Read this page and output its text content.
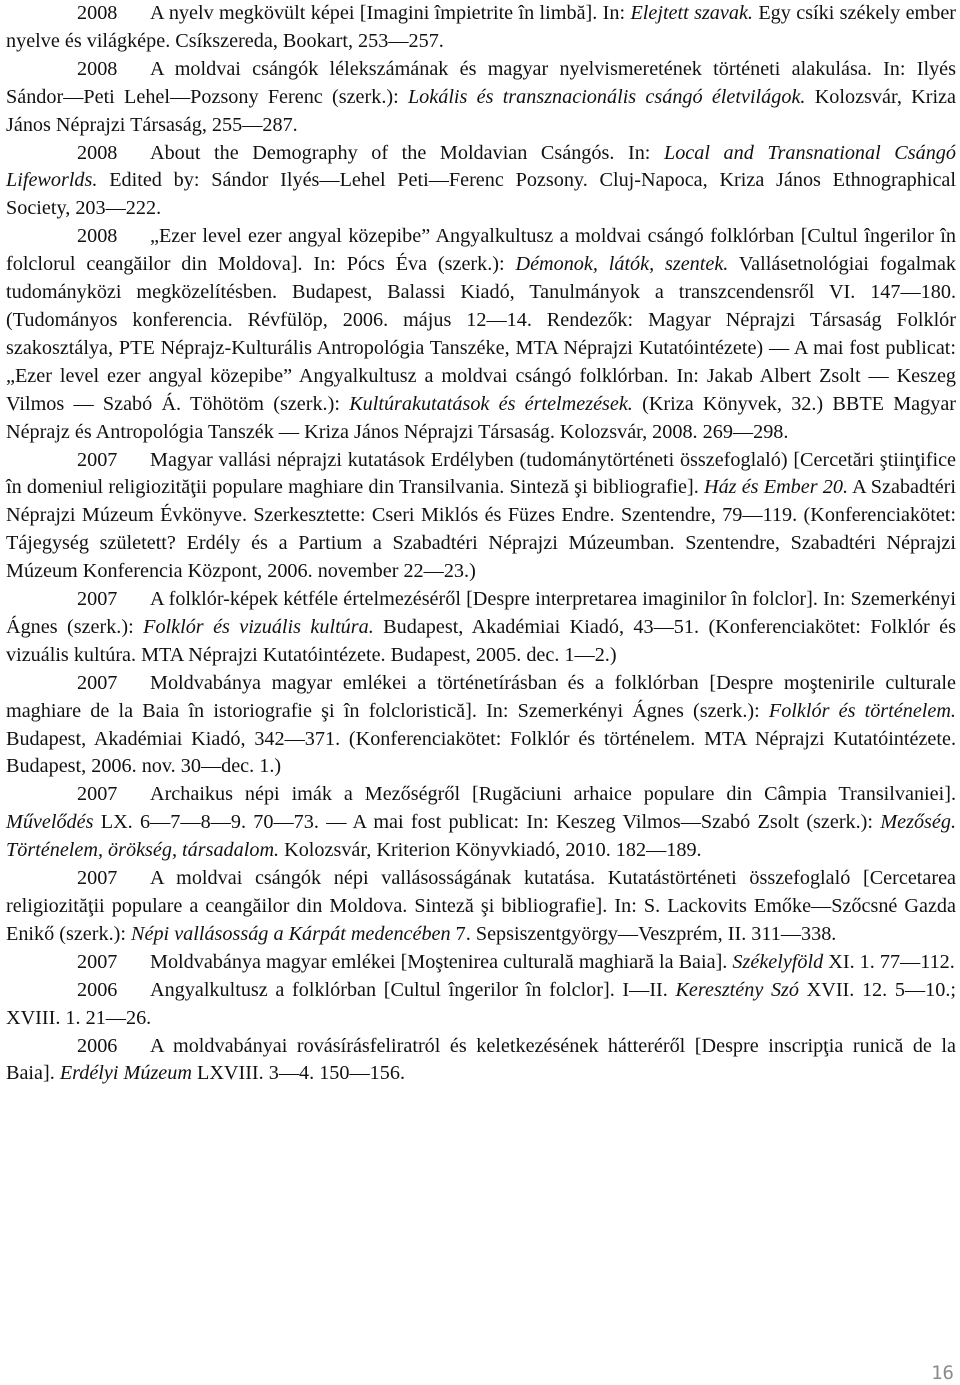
2008 A nyelv megkövült képei [Imagini împietrite în limbă]. In: Elejtett szavak. Egy csíki székely ember nyelve és világképe. Csíkszereda, Bookart, 253―257.

2008 A moldvai csángók lélekszámának és magyar nyelvismeretének történeti alakulása. In: Ilyés Sándor―Peti Lehel―Pozsony Ferenc (szerk.): Lokális és transznacionális csángó életvilágok. Kolozsvár, Kriza János Néprajzi Társaság, 255―287.

2008 About the Demography of the Moldavian Csángós. In: Local and Transnational Csángó Lifeworlds. Edited by: Sándor Ilyés―Lehel Peti―Ferenc Pozsony. Cluj-Napoca, Kriza János Ethnographical Society, 203―222.

2008 „Ezer level ezer angyal közepibe” Angyalkultusz a moldvai csángó folklórban [Cultul îngerilor în folclorul ceangăilor din Moldova]. In: Pócs Éva (szerk.): Démonok, látók, szentek. Vallásetnológiai fogalmak tudományközi megközelítésben. Budapest, Balassi Kiadó, Tanulmányok a transzcendensről VI. 147―180. (Tudományos konferencia. Révfülöp, 2006. május 12―14. Rendezők: Magyar Néprajzi Társaság Folklór szakosztálya, PTE Néprajz-Kulturális Antropológia Tanszéke, MTA Néprajzi Kutatóintézete) ― A mai fost publicat: „Ezer level ezer angyal közepibe” Angyalkultusz a moldvai csángó folklórban. In: Jakab Albert Zsolt ― Keszeg Vilmos ― Szabó Á. Töhötöm (szerk.): Kultúrakutatások és értelmezések. (Kriza Könyvek, 32.) BBTE Magyar Néprajz és Antropológia Tanszék ― Kriza János Néprajzi Társaság. Kolozsvár, 2008. 269―298.

2007 Magyar vallási néprajzi kutatások Erdélyben (tudománytörténeti összefoglaló) [Cercetări ştiinţifice în domeniul religiozităţii populare maghiare din Transilvania. Sinteză şi bibliografie]. Ház és Ember 20. A Szabadtéri Néprajzi Múzeum Évkönyve. Szerkesztette: Cseri Miklós és Füzes Endre. Szentendre, 79―119. (Konferenciakötet: Tájegység született? Erdély és a Partium a Szabadtéri Néprajzi Múzeumban. Szentendre, Szabadtéri Néprajzi Múzeum Konferencia Központ, 2006. november 22―23.)

2007 A folklór-képek kétféle értelmezéséről [Despre interpretarea imaginilor în folclor]. In: Szemerkényi Ágnes (szerk.): Folklór és vizuális kultúra. Budapest, Akadémiai Kiadó, 43―51. (Konferenciakötet: Folklór és vizuális kultúra. MTA Néprajzi Kutatóintézete. Budapest, 2005. dec. 1―2.)

2007 Moldvabánya magyar emlékei a történetírásban és a folklórban [Despre moştenirile culturale maghiare de la Baia în istoriografie şi în folcloristică]. In: Szemerkényi Ágnes (szerk.): Folklór és történelem. Budapest, Akadémiai Kiadó, 342―371. (Konferenciakötet: Folklór és történelem. MTA Néprajzi Kutatóintézete. Budapest, 2006. nov. 30―dec. 1.)

2007 Archaikus népi imák a Mezőségről [Rugăciuni arhaice populare din Câmpia Transilvaniei]. Művelődés LX. 6―7―8―9. 70―73. ― A mai fost publicat: In: Keszeg Vilmos―Szabó Zsolt (szerk.): Mezőség. Történelem, örökség, társadalom. Kolozsvár, Kriterion Könyvkiadó, 2010. 182―189.

2007 A moldvai csángók népi vallásosságának kutatása. Kutatástörténeti összefoglaló [Cercetarea religiozităţii populare a ceangăilor din Moldova. Sinteză şi bibliografie]. In: S. Lackovits Emőke―Szőcsné Gazda Enikő (szerk.): Népi vallásosság a Kárpát medencében 7. Sepsiszentgyörgy―Veszprém, II. 311―338.

2007 Moldvabánya magyar emlékei [Moştenirea culturală maghiară la Baia]. Székelyföld XI. 1. 77―112.

2006 Angyalkultusz a folklórban [Cultul îngerilor în folclor]. I―II. Keresztény Szó XVII. 12. 5―10.; XVIII. 1. 21―26.

2006 A moldvabányai rovásírásfeliratról és keletkezésének hátteréről [Despre inscripţia runică de la Baia]. Erdélyi Múzeum LXVIII. 3―4. 150―156.

16
